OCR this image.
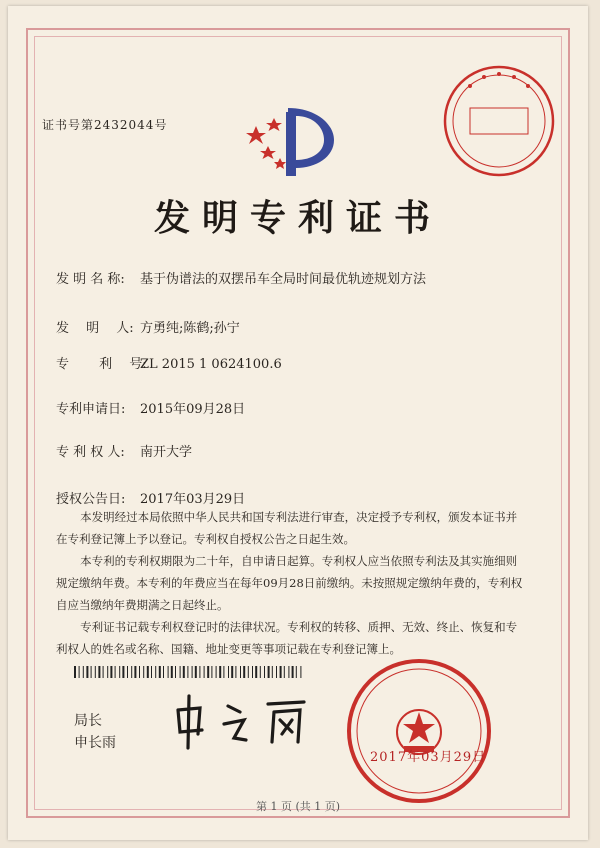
证书号第2432044号
发明专利证书
发 明 名 称: 基于伪谱法的双摆吊车全局时间最优轨迹规划方法
发　 明　 人: 方勇纯;陈鹤;孙宁
专　　 利　 号:ZL 2015 1 0624100.6
专利申请日: 2015年09月28日
专 利 权 人: 南开大学
授权公告日: 2017年03月29日

本发明经过本局依照中华人民共和国专利法进行审查，决定授予专利权，颁发本证书并在专利登记簿上予以登记。专利权自授权公告之日起生效。

本专利的专利权期限为二十年，自申请日起算。专利权人应当依照专利法及其实施细则规定缴纳年费。本专利的年费应当在每年09月28日前缴纳。未按照规定缴纳年费的，专利权自应当缴纳年费期满之日起终止。

专利证书记载专利权登记时的法律状况。专利权的转移、质押、无效、终止、恢复和专利权人的姓名或名称、国籍、地址变更等事项记载在专利登记簿上。

局长
申长雨
2017年03月29日
第 1 页 (共 1 页)
